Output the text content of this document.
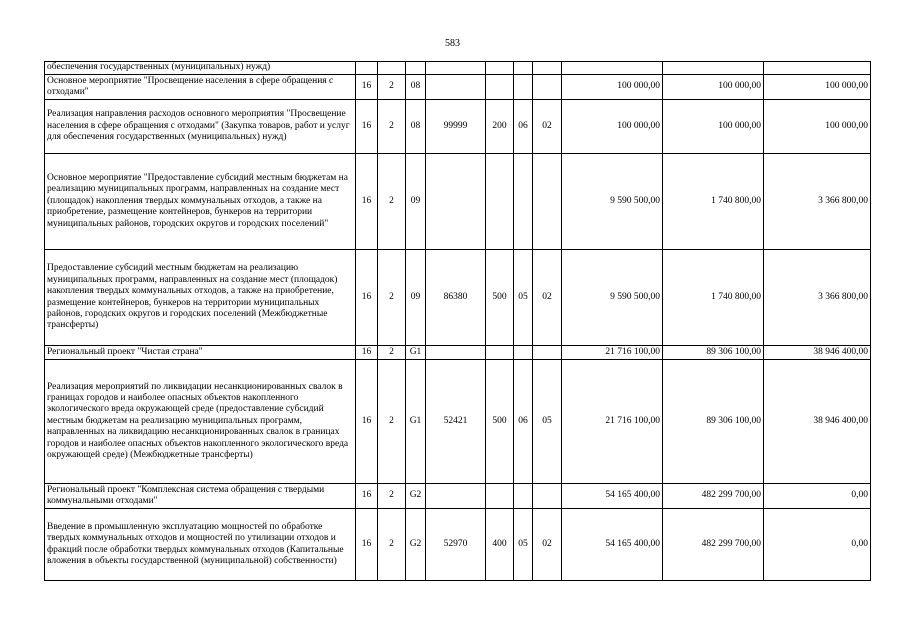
583
обеспечения государственных (муниципальных) нужд)										
Основное мероприятие "Просвещение населения в сфере обращения с отходами"	16	2	08					100 000,00	100 000,00	100 000,00
Реализация направления расходов основного мероприятия "Просвещение населения в сфере обращения с отходами" (Закупка товаров, работ и услуг для обеспечения государственных (муниципальных) нужд)	16	2	08	99999	200	06	02	100 000,00	100 000,00	100 000,00
Основное мероприятие "Предоставление субсидий местным бюджетам на реализацию муниципальных программ, направленных на создание мест (площадок) накопления твердых коммунальных отходов, а также на приобретение, размещение контейнеров, бункеров на территории муниципальных районов, городских округов и городских поселений"	16	2	09					9 590 500,00	1 740 800,00	3 366 800,00
Предоставление субсидий местным бюджетам на реализацию муниципальных программ, направленных на создание мест (площадок) накопления твердых коммунальных отходов, а также на приобретение, размещение контейнеров, бункеров на территории муниципальных районов, городских округов и городских поселений (Межбюджетные трансферты)	16	2	09	86380	500	05	02	9 590 500,00	1 740 800,00	3 366 800,00
Региональный проект "Чистая страна"	16	2	G1					21 716 100,00	89 306 100,00	38 946 400,00
Реализация мероприятий по ликвидации несанкционированных свалок в границах городов и наиболее опасных объектов накопленного экологического вреда окружающей среде (предоставление субсидий местным бюджетам на реализацию муниципальных программ, направленных на ликвидацию несанкционированных свалок в границах городов и наиболее опасных объектов накопленного экологического вреда окружающей среде) (Межбюджетные трансферты)	16	2	G1	52421	500	06	05	21 716 100,00	89 306 100,00	38 946 400,00
Региональный проект "Комплексная система обращения с твердыми коммунальными отходами"	16	2	G2					54 165 400,00	482 299 700,00	0,00
Введение в промышленную эксплуатацию мощностей по обработке твердых коммунальных отходов и мощностей по утилизации отходов и фракций после обработки твердых коммунальных отходов (Капитальные вложения в объекты государственной (муниципальной) собственности)	16	2	G2	52970	400	05	02	54 165 400,00	482 299 700,00	0,00
